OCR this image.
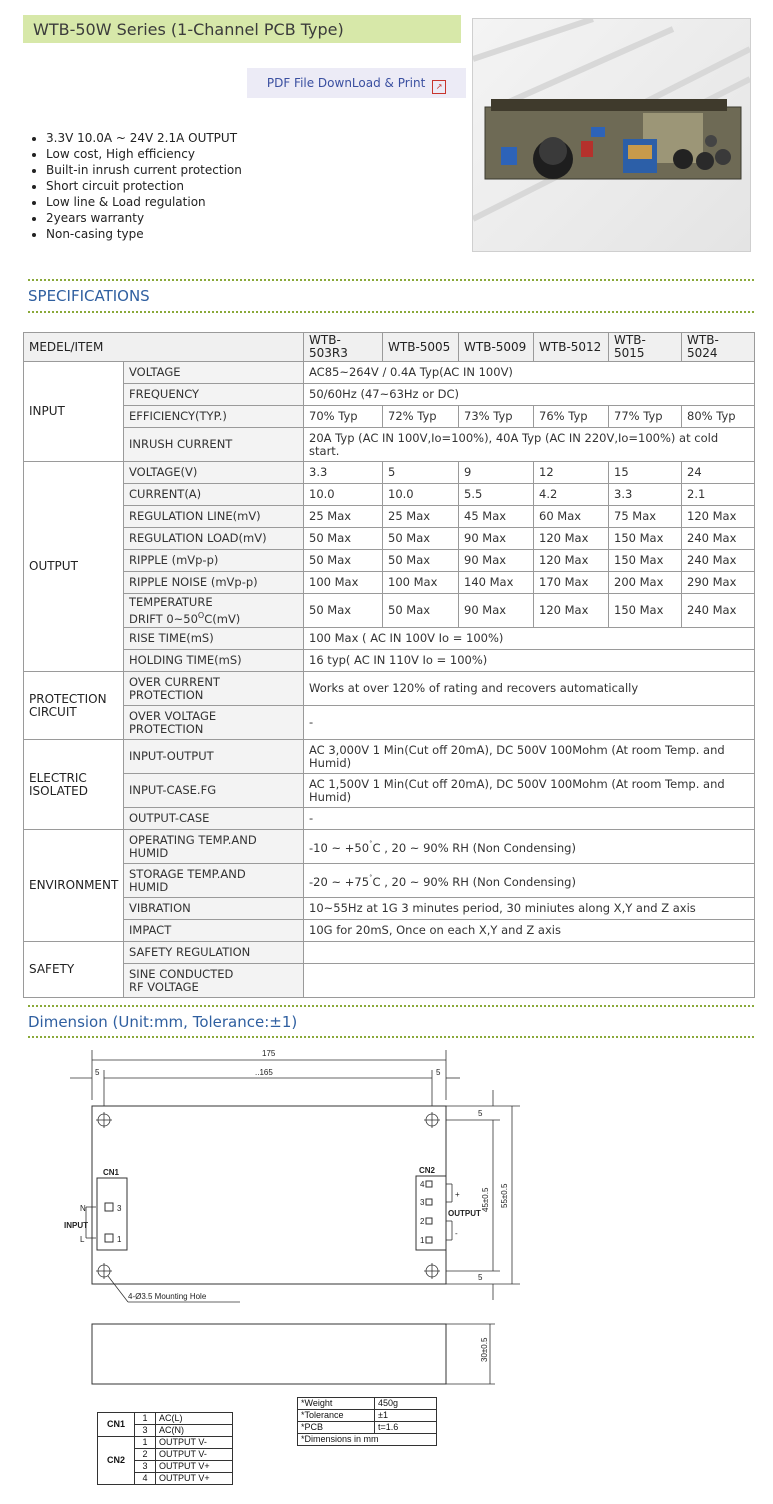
WTB-50W Series (1-Channel PCB Type)
PDF File DownLoad & Print ↗
• 3.3V 10.0A ~ 24V 2.1A OUTPUT
• Low cost, High efficiency
• Built-in inrush current protection
• Short circuit protection
• Low line & Load regulation
• 2years warranty
• Non-casing type
SPECIFICATIONS
MEDEL/ITEM		WTB-503R3	WTB-5005	WTB-5009	WTB-5012	WTB-5015	WTB-5024
INPUT	VOLTAGE	AC85~264V / 0.4A Typ(AC IN 100V)					
	FREQUENCY	50/60Hz (47~63Hz or DC)					
	EFFICIENCY(TYP.)	70% Typ	72% Typ	73% Typ	76% Typ	77% Typ	80% Typ
	INRUSH CURRENT	20A Typ (AC IN 100V,Io=100%), 40A Typ (AC IN 220V,Io=100%) at cold start.					
OUTPUT	VOLTAGE(V)	3.3	5	9	12	15	24
	CURRENT(A)	10.0	10.0	5.5	4.2	3.3	2.1
	REGULATION LINE(mV)	25 Max	25 Max	45 Max	60 Max	75 Max	120 Max
	REGULATION LOAD(mV)	50 Max	50 Max	90 Max	120 Max	150 Max	240 Max
	RIPPLE (mVp-p)	50 Max	50 Max	90 Max	120 Max	150 Max	240 Max
	RIPPLE NOISE (mVp-p)	100 Max	100 Max	140 Max	170 Max	200 Max	290 Max
	TEMPERATURE
DRIFT $0\sim 50^OC(mV)$	50 Max	50 Max	90 Max	120 Max	150 Max	240 Max
	RISE TIME(mS)	100 Max ( AC IN 100V Io = 100%)					
	HOLDING TIME(mS)	16 typ( AC IN 110V Io = 100%)					
PROTECTION
CIRCUIT	OVER CURRENT
PROTECTION	Works at over 120% of rating and recovers automatically					
	OVER VOLTAGE
PROTECTION	-					
ELECTRIC
ISOLATED	INPUT-OUTPUT	AC 3,000V 1 Min(Cut off 20mA), DC 500V 100Mohm (At room Temp. and Humid)					
	INPUT-CASE.FG	AC 1,500V 1 Min(Cut off 20mA), DC 500V 100Mohm (At room Temp. and Humid)					
	OUTPUT-CASE	-					
ENVIRONMENT	OPERATING TEMP.AND
HUMID	-10 ~ +50˚C , 20 ~ 90% RH (Non Condensing)					
	STORAGE TEMP.AND
HUMID	-20 ~ +75˚C , 20 ~ 90% RH (Non Condensing)					
	VIBRATION	10~55Hz at 1G 3 minutes period, 30 miniutes along X,Y and Z axis					
	IMPACT	10G for 20mS, Once on each X,Y and Z axis					
SAFETY	SAFETY REGULATION						
	SINE CONDUCTED
RF VOLTAGE						
Dimension (Unit:mm, Tolerance:±1)
175
..165
5	5
CN1
3
1
N
L
INPUT
CN2
4
3
2
1
+
-
OUTPUT
5
5
45±0.5 55±0.5
4-Ø3.5 Mounting Hole
30±0.5
*Weight	450g
*Tolerance	±1
*PCB	t=1.6
*Dimensions in mm	
CN1	1	AC(L)
	3	AC(N)
CN2	1	OUTPUT V-
	2	OUTPUT V-
	3	OUTPUT V+
	4	OUTPUT V+
